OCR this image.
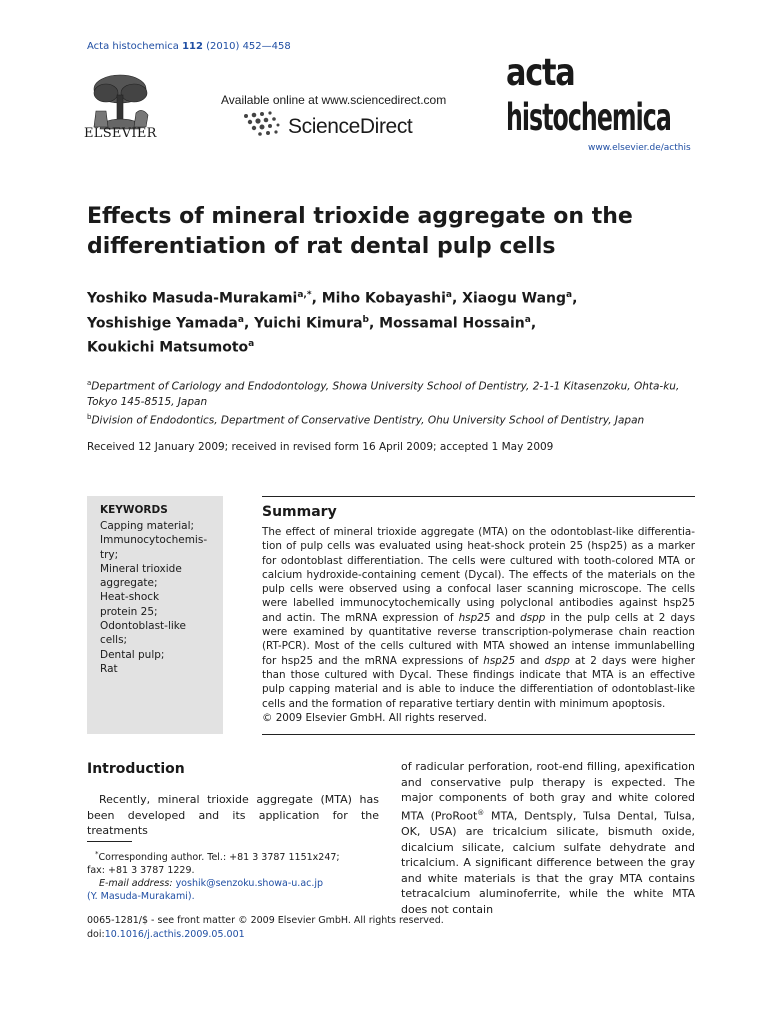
Acta histochemica 112 (2010) 452—458
ELSEVIER
Available online at www.sciencedirect.com
ScienceDirect
acta
histochemica
www.elsevier.de/acthis
Effects of mineral trioxide aggregate on the
differentiation of rat dental pulp cells
Yoshiko Masuda-Murakami$^{a,*}$, Miho Kobayashi$^a$, Xiaogu Wang$^a$,
Yoshishige Yamada$^a$, Yuichi Kimura$^b$, Mossamal Hossain$^a$,
Koukichi Matsumoto$^a$
$^a$Department of Cariology and Endodontology, Showa University School of Dentistry, 2-1-1 Kitasenzoku, Ohta-ku,
Tokyo 145-8515, Japan
$^b$Division of Endodontics, Department of Conservative Dentistry, Ohu University School of Dentistry, Japan
Received 12 January 2009; received in revised form 16 April 2009; accepted 1 May 2009
KEYWORDS
Capping material;
Immunocytochemis-
try;
Mineral trioxide
aggregate;
Heat-shock
protein 25;
Odontoblast-like
cells;
Dental pulp;
Rat
Summary
The effect of mineral trioxide aggregate (MTA) on the odontoblast-like differentia-tion of pulp cells was evaluated using heat-shock protein 25 (hsp25) as a marker for odontoblast differentiation. The cells were cultured with tooth-colored MTA or calcium hydroxide-containing cement (Dycal). The effects of the materials on the pulp cells were observed using a confocal laser scanning microscope. The cells were labelled immunocytochemically using polyclonal antibodies against hsp25 and actin. The mRNA expression of hsp25 and dspp in the pulp cells at 2 days were examined by quantitative reverse transcription-polymerase chain reaction (RT-PCR). Most of the cells cultured with MTA showed an intense immunlabelling for hsp25 and the mRNA expressions of hsp25 and dspp at 2 days were higher than those cultured with Dycal. These findings indicate that MTA is an effective pulp capping material and is able to induce the differentiation of odontoblast-like cells and the formation of reparative tertiary dentin with minimum apoptosis.
© 2009 Elsevier GmbH. All rights reserved.
Introduction
Recently, mineral trioxide aggregate (MTA) has been developed and its application for the treatments
of radicular perforation, root-end filling, apexification and conservative pulp therapy is expected. The major components of both gray and white colored MTA (ProRoot® MTA, Dentsply, Tulsa Dental, Tulsa, OK, USA) are tricalcium silicate, bismuth oxide, dicalcium silicate, calcium sulfate dehydrate and tricalcium. A significant difference between the gray and white materials is that the gray MTA contains tetracalcium aluminoferrite, while the white MTA does not contain
*Corresponding author. Tel.: +81 3 3787 1151x247;
fax: +81 3 3787 1229.
E-mail address: yoshik@senzoku.showa-u.ac.jp
(Y. Masuda-Murakami).
0065-1281/$ - see front matter © 2009 Elsevier GmbH. All rights reserved.
doi:10.1016/j.acthis.2009.05.001
